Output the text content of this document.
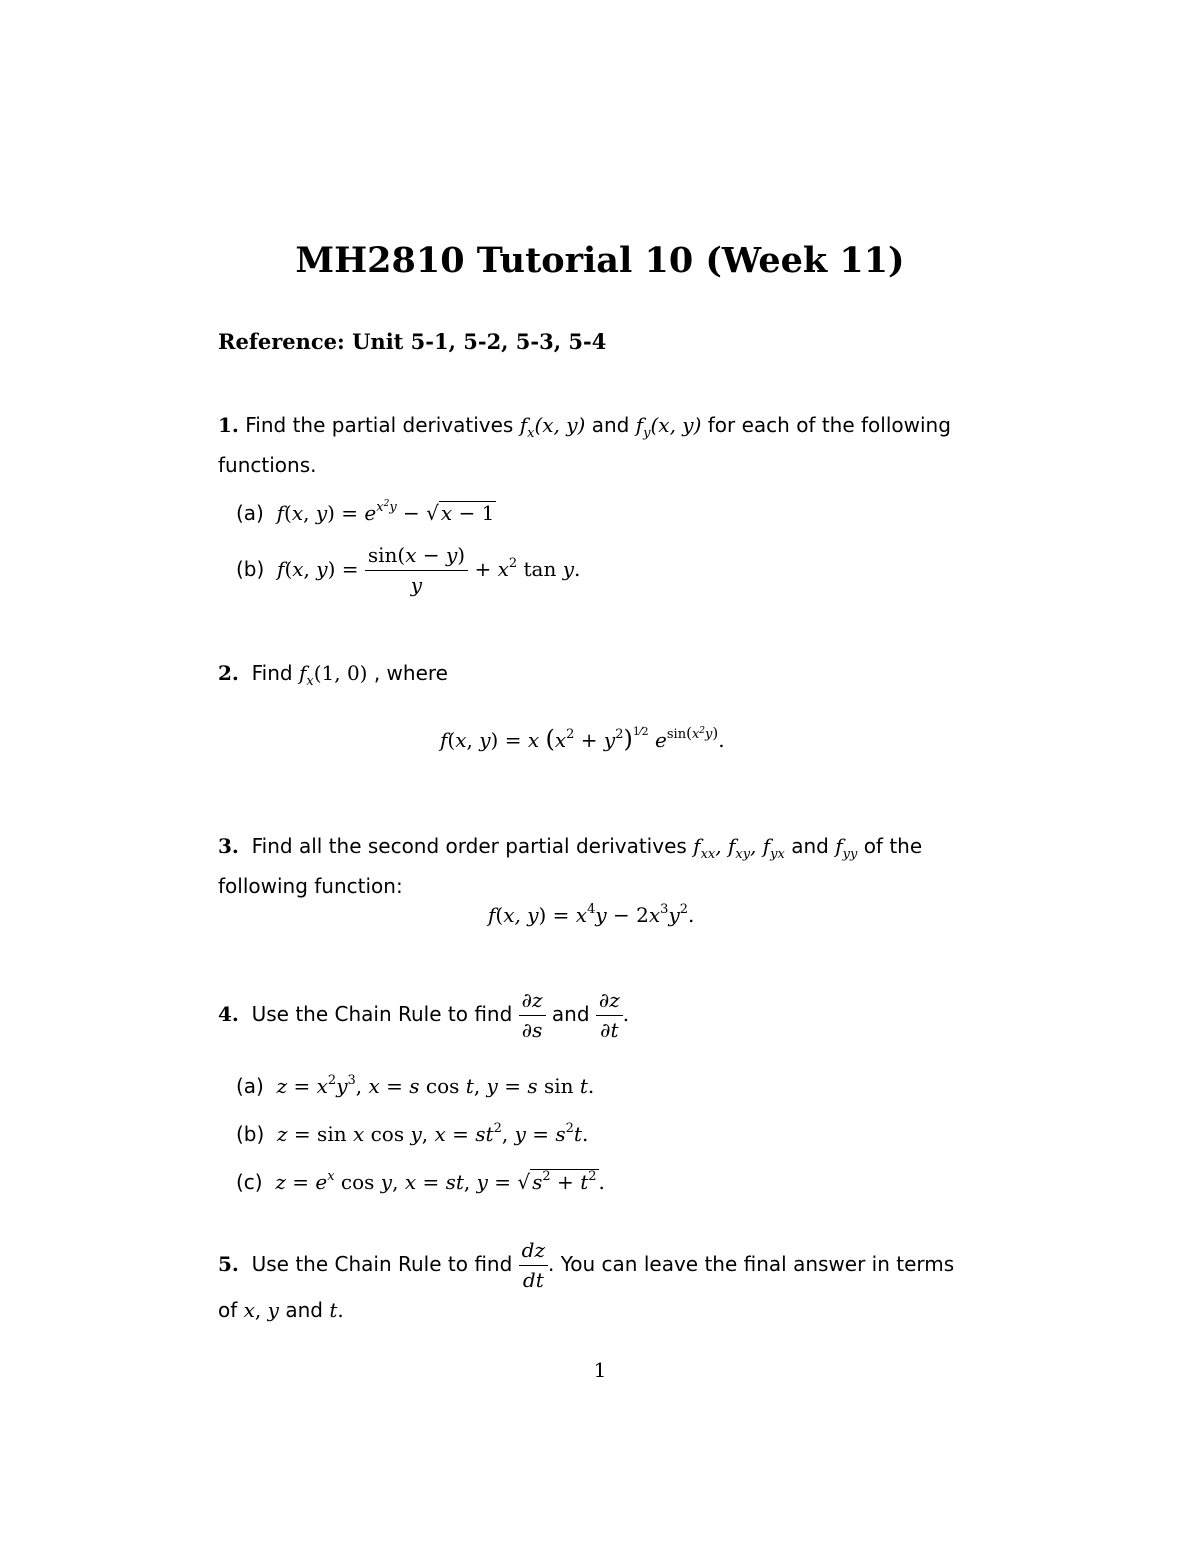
MH2810 Tutorial 10 (Week 11)
Reference: Unit 5-1, 5-2, 5-3, 5-4
1. Find the partial derivatives $f_x(x$, y) and $f_y(x$, y) for each of the following
functions.
(a) f(x, $y) = e^{x^2y}$ − √ x − 1
(b) f(x, $y) = \frac{\sin(x - y)}{y} + x^2$ tan y.
2. Find $f_x(1$, 0) , where
f(x, y) = x $(x^2 + y^2)^{1⁄2}$ $e^{sin(x^2y)}$.
3. Find all the second order partial derivatives $f_{xx}$, $f_{xy}$, $f_{yx}$ and $f_{yy}$ of the
following function:
f(x, $y) = x^4y - 2x^3y^2$.
4. Use the Chain Rule to find $\frac{\partial z}{\partial s}$ and $\frac{\partial z}{\partial t}$ .
(a) $z = x^2y^3$, x = s cos t, y = s sin t.
(b) z = sin x cos y, $x = st^2$, $y = s^2t$.
(c) $z = e^x$ cos y, x = st, y = √ $s^2 + t^2$ .
5. Use the Chain Rule to find $\frac{dz}{dt}$ . You can leave the final answer in terms
of x, y and t.
1
